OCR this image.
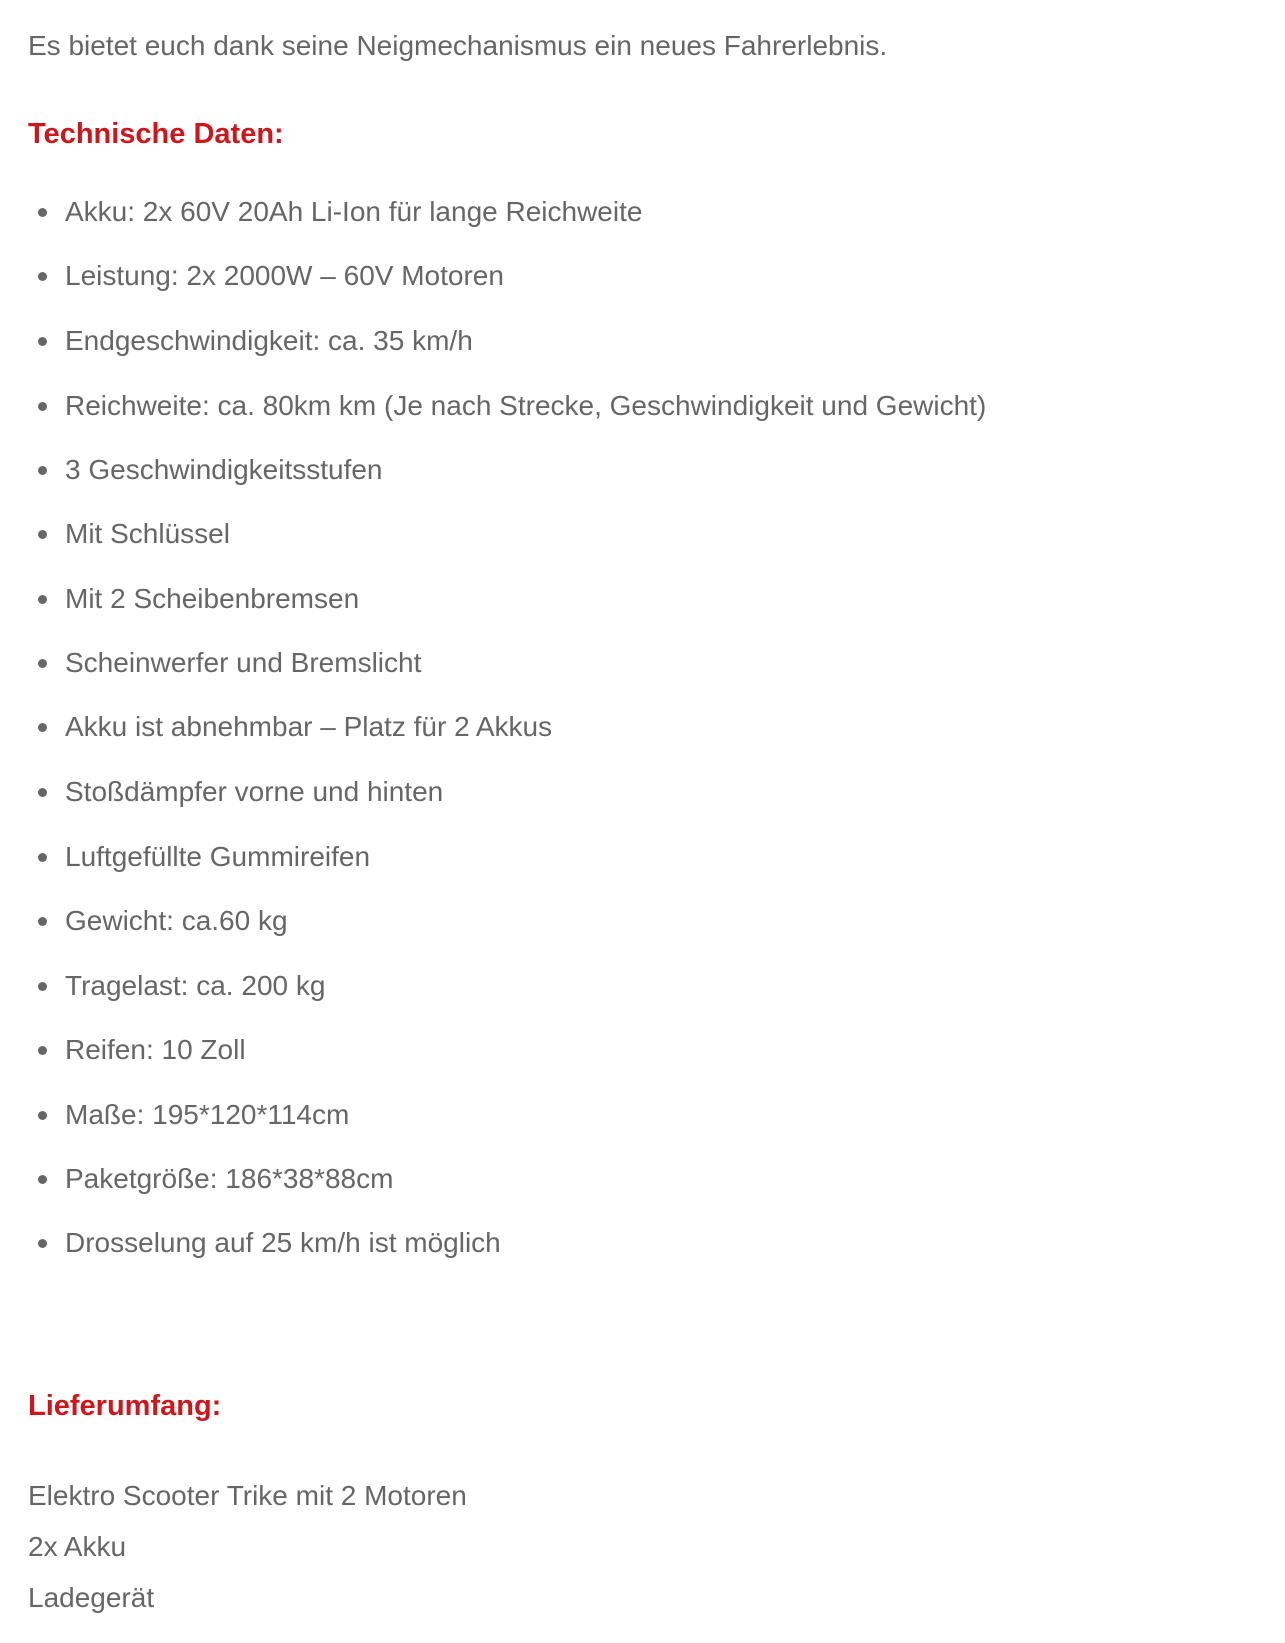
Es bietet euch dank seine Neigmechanismus ein neues Fahrerlebnis.

Technische Daten:
Akku: 2x 60V 20Ah Li-Ion für lange Reichweite
Leistung: 2x 2000W – 60V Motoren
Endgeschwindigkeit: ca. 35 km/h
Reichweite: ca. 80km km (Je nach Strecke, Geschwindigkeit und Gewicht)
3 Geschwindigkeitsstufen
Mit Schlüssel
Mit 2 Scheibenbremsen
Scheinwerfer und Bremslicht
Akku ist abnehmbar – Platz für 2 Akkus
Stoßdämpfer vorne und hinten
Luftgefüllte Gummireifen
Gewicht: ca.60 kg
Tragelast: ca. 200 kg
Reifen: 10 Zoll
Maße: 195*120*114cm
Paketgröße: 186*38*88cm
Drosselung auf 25 km/h ist möglich
Lieferumfang:

Elektro Scooter Trike mit 2 Motoren
2x Akku
Ladegerät
